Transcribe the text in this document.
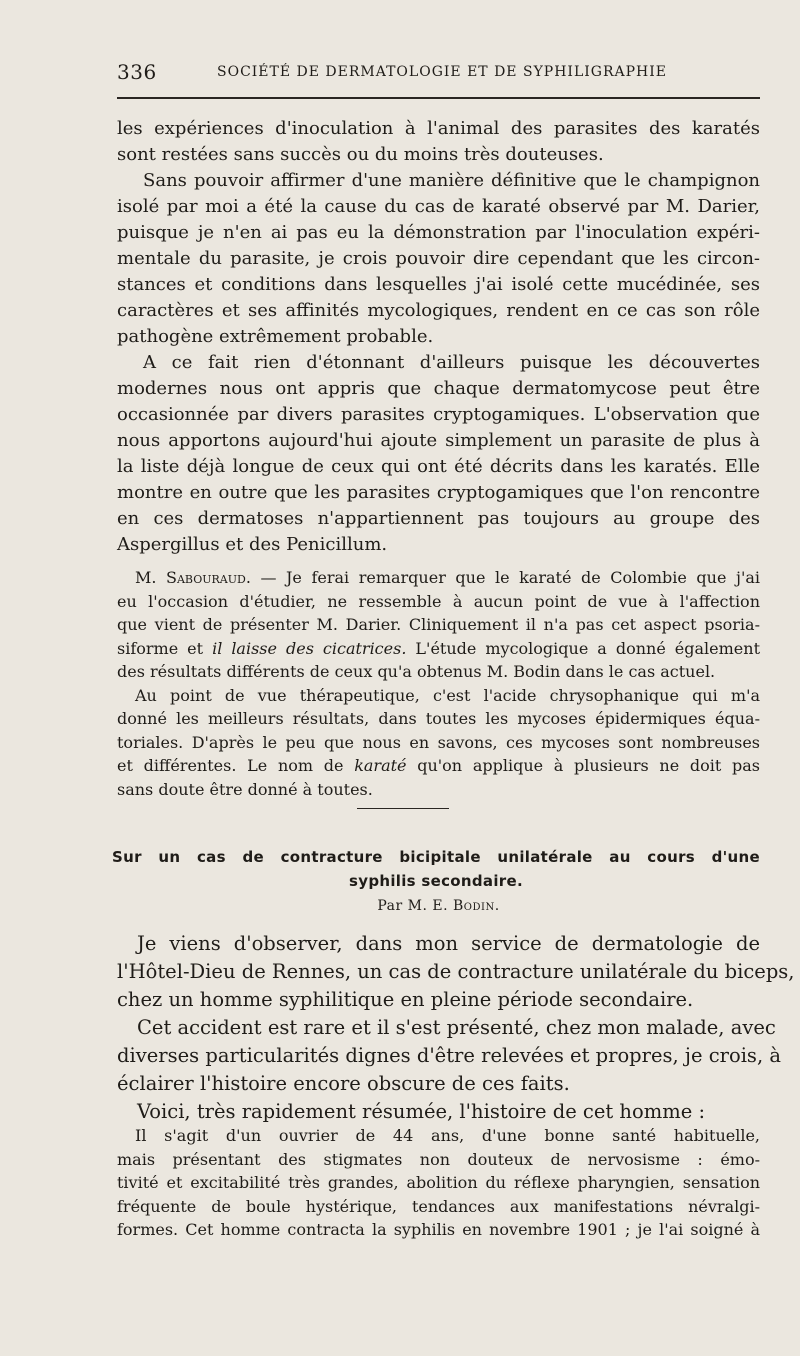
336	SOCIÉTÉ DE DERMATOLOGIE ET DE SYPHILIGRAPHIE
les expériences d'inoculation à l'animal des parasites des karatés
sont restées sans succès ou du moins très douteuses.
Sans pouvoir affirmer d'une manière définitive que le champignon
isolé par moi a été la cause du cas de karaté observé par M. Darier,
puisque je n'en ai pas eu la démonstration par l'inoculation expéri-
mentale du parasite, je crois pouvoir dire cependant que les circon-
stances et conditions dans lesquelles j'ai isolé cette mucédinée, ses
caractères et ses affinités mycologiques, rendent en ce cas son rôle
pathogène extrêmement probable.
A ce fait rien d'étonnant d'ailleurs puisque les découvertes
modernes nous ont appris que chaque dermatomycose peut être
occasionnée par divers parasites cryptogamiques. L'observation que
nous apportons aujourd'hui ajoute simplement un parasite de plus à
la liste déjà longue de ceux qui ont été décrits dans les karatés. Elle
montre en outre que les parasites cryptogamiques que l'on rencontre
en ces dermatoses n'appartiennent pas toujours au groupe des
Aspergillus et des Penicillum.
M. Sabouraud. — Je ferai remarquer que le karaté de Colombie que j'ai
eu l'occasion d'étudier, ne ressemble à aucun point de vue à l'affection
que vient de présenter M. Darier. Cliniquement il n'a pas cet aspect psoria-
siforme et il laisse des cicatrices. L'étude mycologique a donné également
des résultats différents de ceux qu'a obtenus M. Bodin dans le cas actuel.
Au point de vue thérapeutique, c'est l'acide chrysophanique qui m'a
donné les meilleurs résultats, dans toutes les mycoses épidermiques équa-
toriales. D'après le peu que nous en savons, ces mycoses sont nombreuses
et différentes. Le nom de karaté qu'on applique à plusieurs ne doit pas
sans doute être donné à toutes.
Sur un cas de contracture bicipitale unilatérale au cours d'une
syphilis secondaire.
Par M. E. Bodin.
Je viens d'observer, dans mon service de dermatologie de
l'Hôtel-Dieu de Rennes, un cas de contracture unilatérale du biceps,
chez un homme syphilitique en pleine période secondaire.
Cet accident est rare et il s'est présenté, chez mon malade, avec
diverses particularités dignes d'être relevées et propres, je crois, à
éclairer l'histoire encore obscure de ces faits.
Voici, très rapidement résumée, l'histoire de cet homme :
Il s'agit d'un ouvrier de 44 ans, d'une bonne santé habituelle,
mais présentant des stigmates non douteux de nervosisme : émo-
tivité et excitabilité très grandes, abolition du réflexe pharyngien, sensation
fréquente de boule hystérique, tendances aux manifestations névralgi-
formes. Cet homme contracta la syphilis en novembre 1901 ; je l'ai soigné à
